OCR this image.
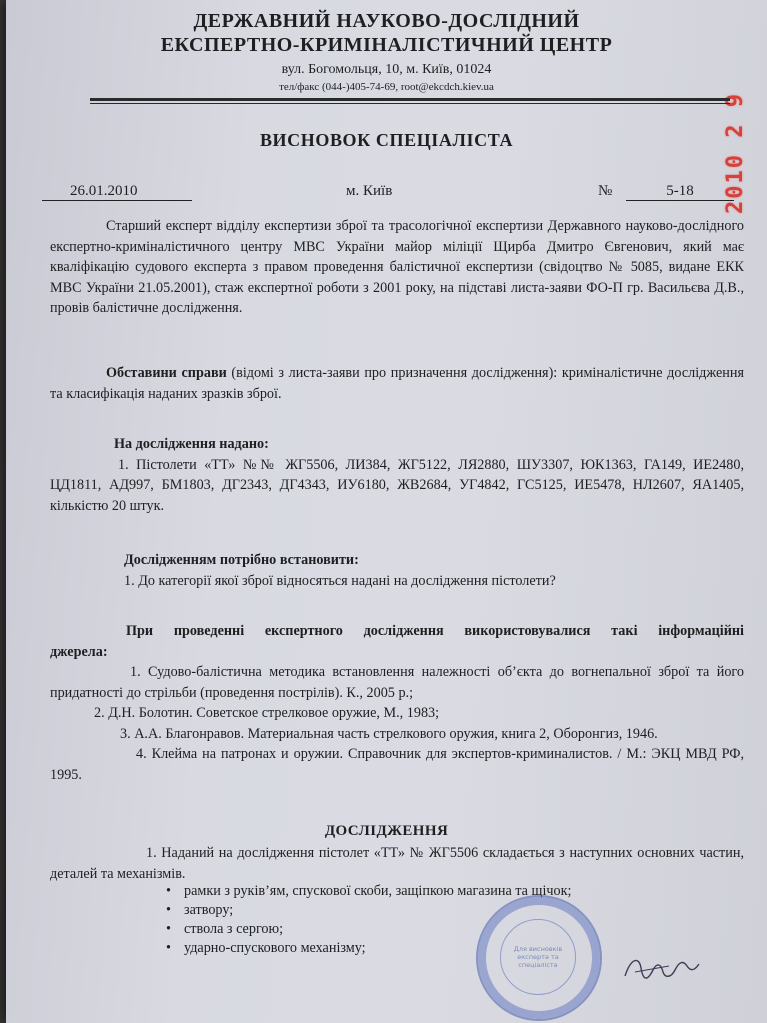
2010 2 9
ДЕРЖАВНИЙ НАУКОВО-ДОСЛІДНИЙ
ЕКСПЕРТНО-КРИМІНАЛІСТИЧНИЙ ЦЕНТР
вул. Богомольця, 10, м. Київ, 01024
тел/факс (044-)405-74-69, root@ekcdch.kiev.ua
ВИСНОВОК СПЕЦІАЛІСТА
26.01.2010	м. Київ	№	5-18

Старший експерт відділу експертизи зброї та трасологічної експертизи Державного науково-дослідного експертно-криміналістичного центру МВС України майор міліції Щирба Дмитро Євгенович, який має кваліфікацію судового експерта з правом проведення балістичної експертизи (свідоцтво № 5085, видане ЕКК МВС України 21.05.2001), стаж експертної роботи з 2001 року, на підставі листа-заяви ФО-П гр. Васильєва Д.В., провів балістичне дослідження.

Обставини справи (відомі з листа-заяви про призначення дослідження): криміналістичне дослідження та класифікація наданих зразків зброї.

На дослідження надано:
1. Пістолети «ТТ» №№ ЖГ5506, ЛИ384, ЖГ5122, ЛЯ2880, ШУ3307, ЮК1363, ГА149, ИЕ2480, ЦД1811, АД997, БМ1803, ДГ2343, ДГ4343, ИУ6180, ЖВ2684, УГ4842, ГС5125, ИЕ5478, НЛ2607, ЯА1405, кількістю 20 штук.
Дослідженням потрібно встановити:
1. До категорії якої зброї відносяться надані на дослідження пістолети?
При проведенні експертного дослідження використовувалися такі інформаційні джерела:
1. Судово-балістична методика встановлення належності об’єкта до вогнепальної зброї та його придатності до стрільби (проведення пострілів). К., 2005 р.;
2. Д.Н. Болотин. Советское стрелковое оружие, М., 1983;
3. А.А. Благонравов. Материальная часть стрелкового оружия, книга 2, Оборонгиз, 1946.
4. Клейма на патронах и оружии. Справочник для экспертов-криминалистов. / М.: ЭКЦ МВД РФ, 1995.
ДОСЛІДЖЕННЯ

1. Наданий на дослідження пістолет «ТТ» № ЖГ5506 складається з наступних основних частин, деталей та механізмів.

• рамки з руків’ям, спускової скоби, защіпкою магазина та щічок;
• затвору;
• ствола з сергою;
• ударно-спускового механізму;	Для висновків експерта та спеціаліста
